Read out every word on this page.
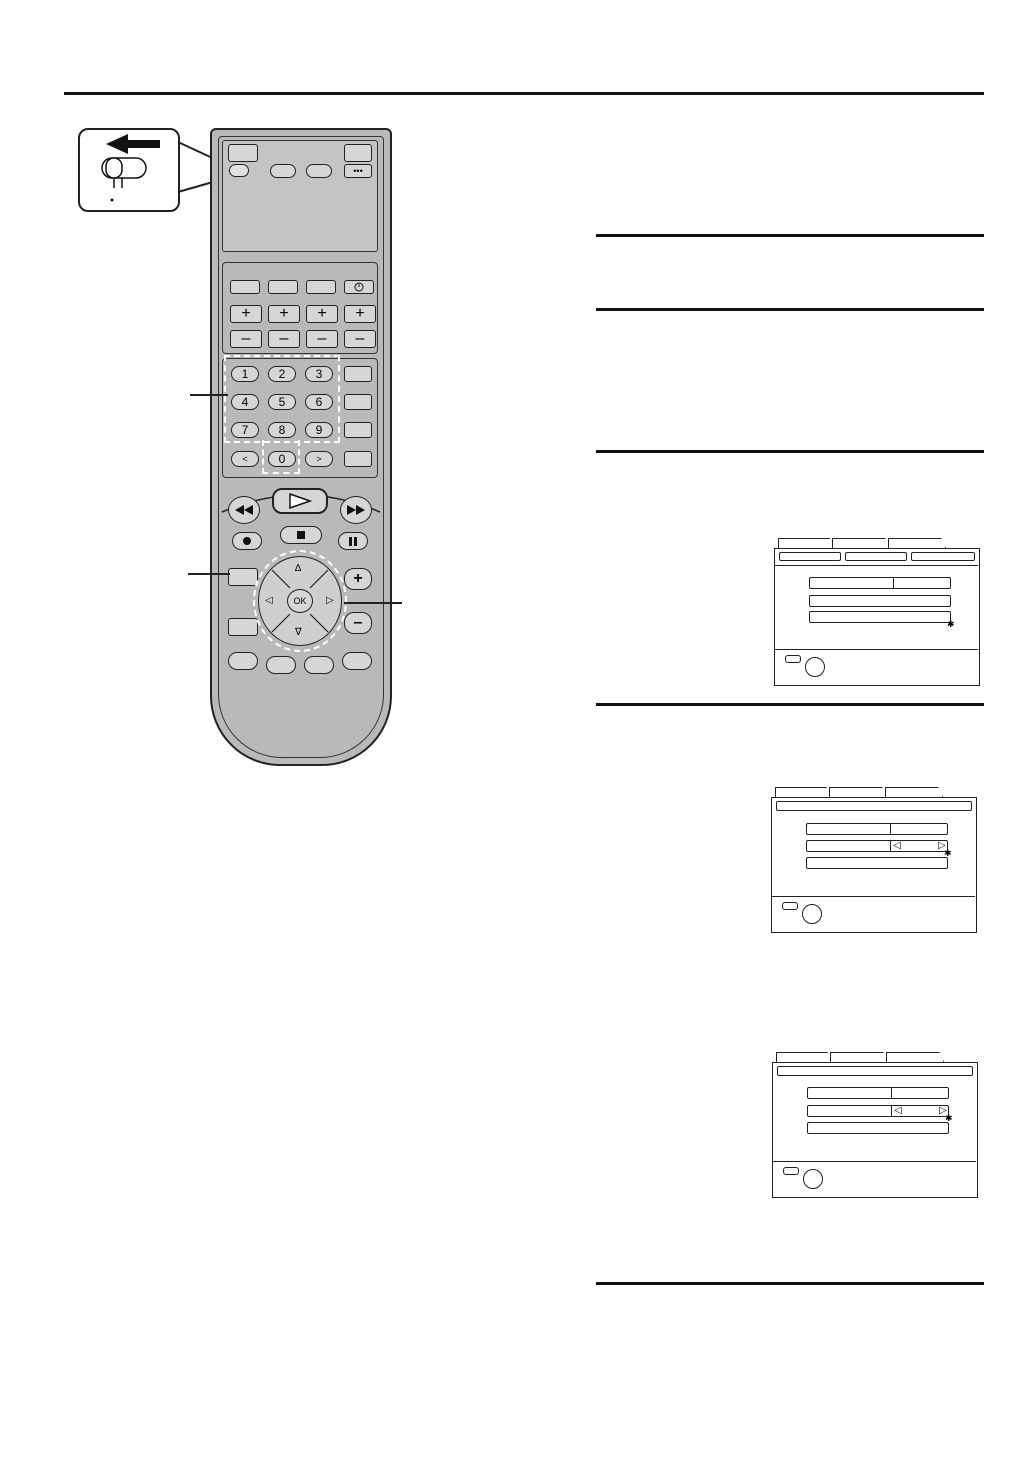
•••
+	+	+	+
–	–	–	–
1	2	3
4	5	6
7	8	9
<	0	>
+
–
∆
∇
◁	▷
OK
✱
◁	▷
✱
◁	▷
✱
